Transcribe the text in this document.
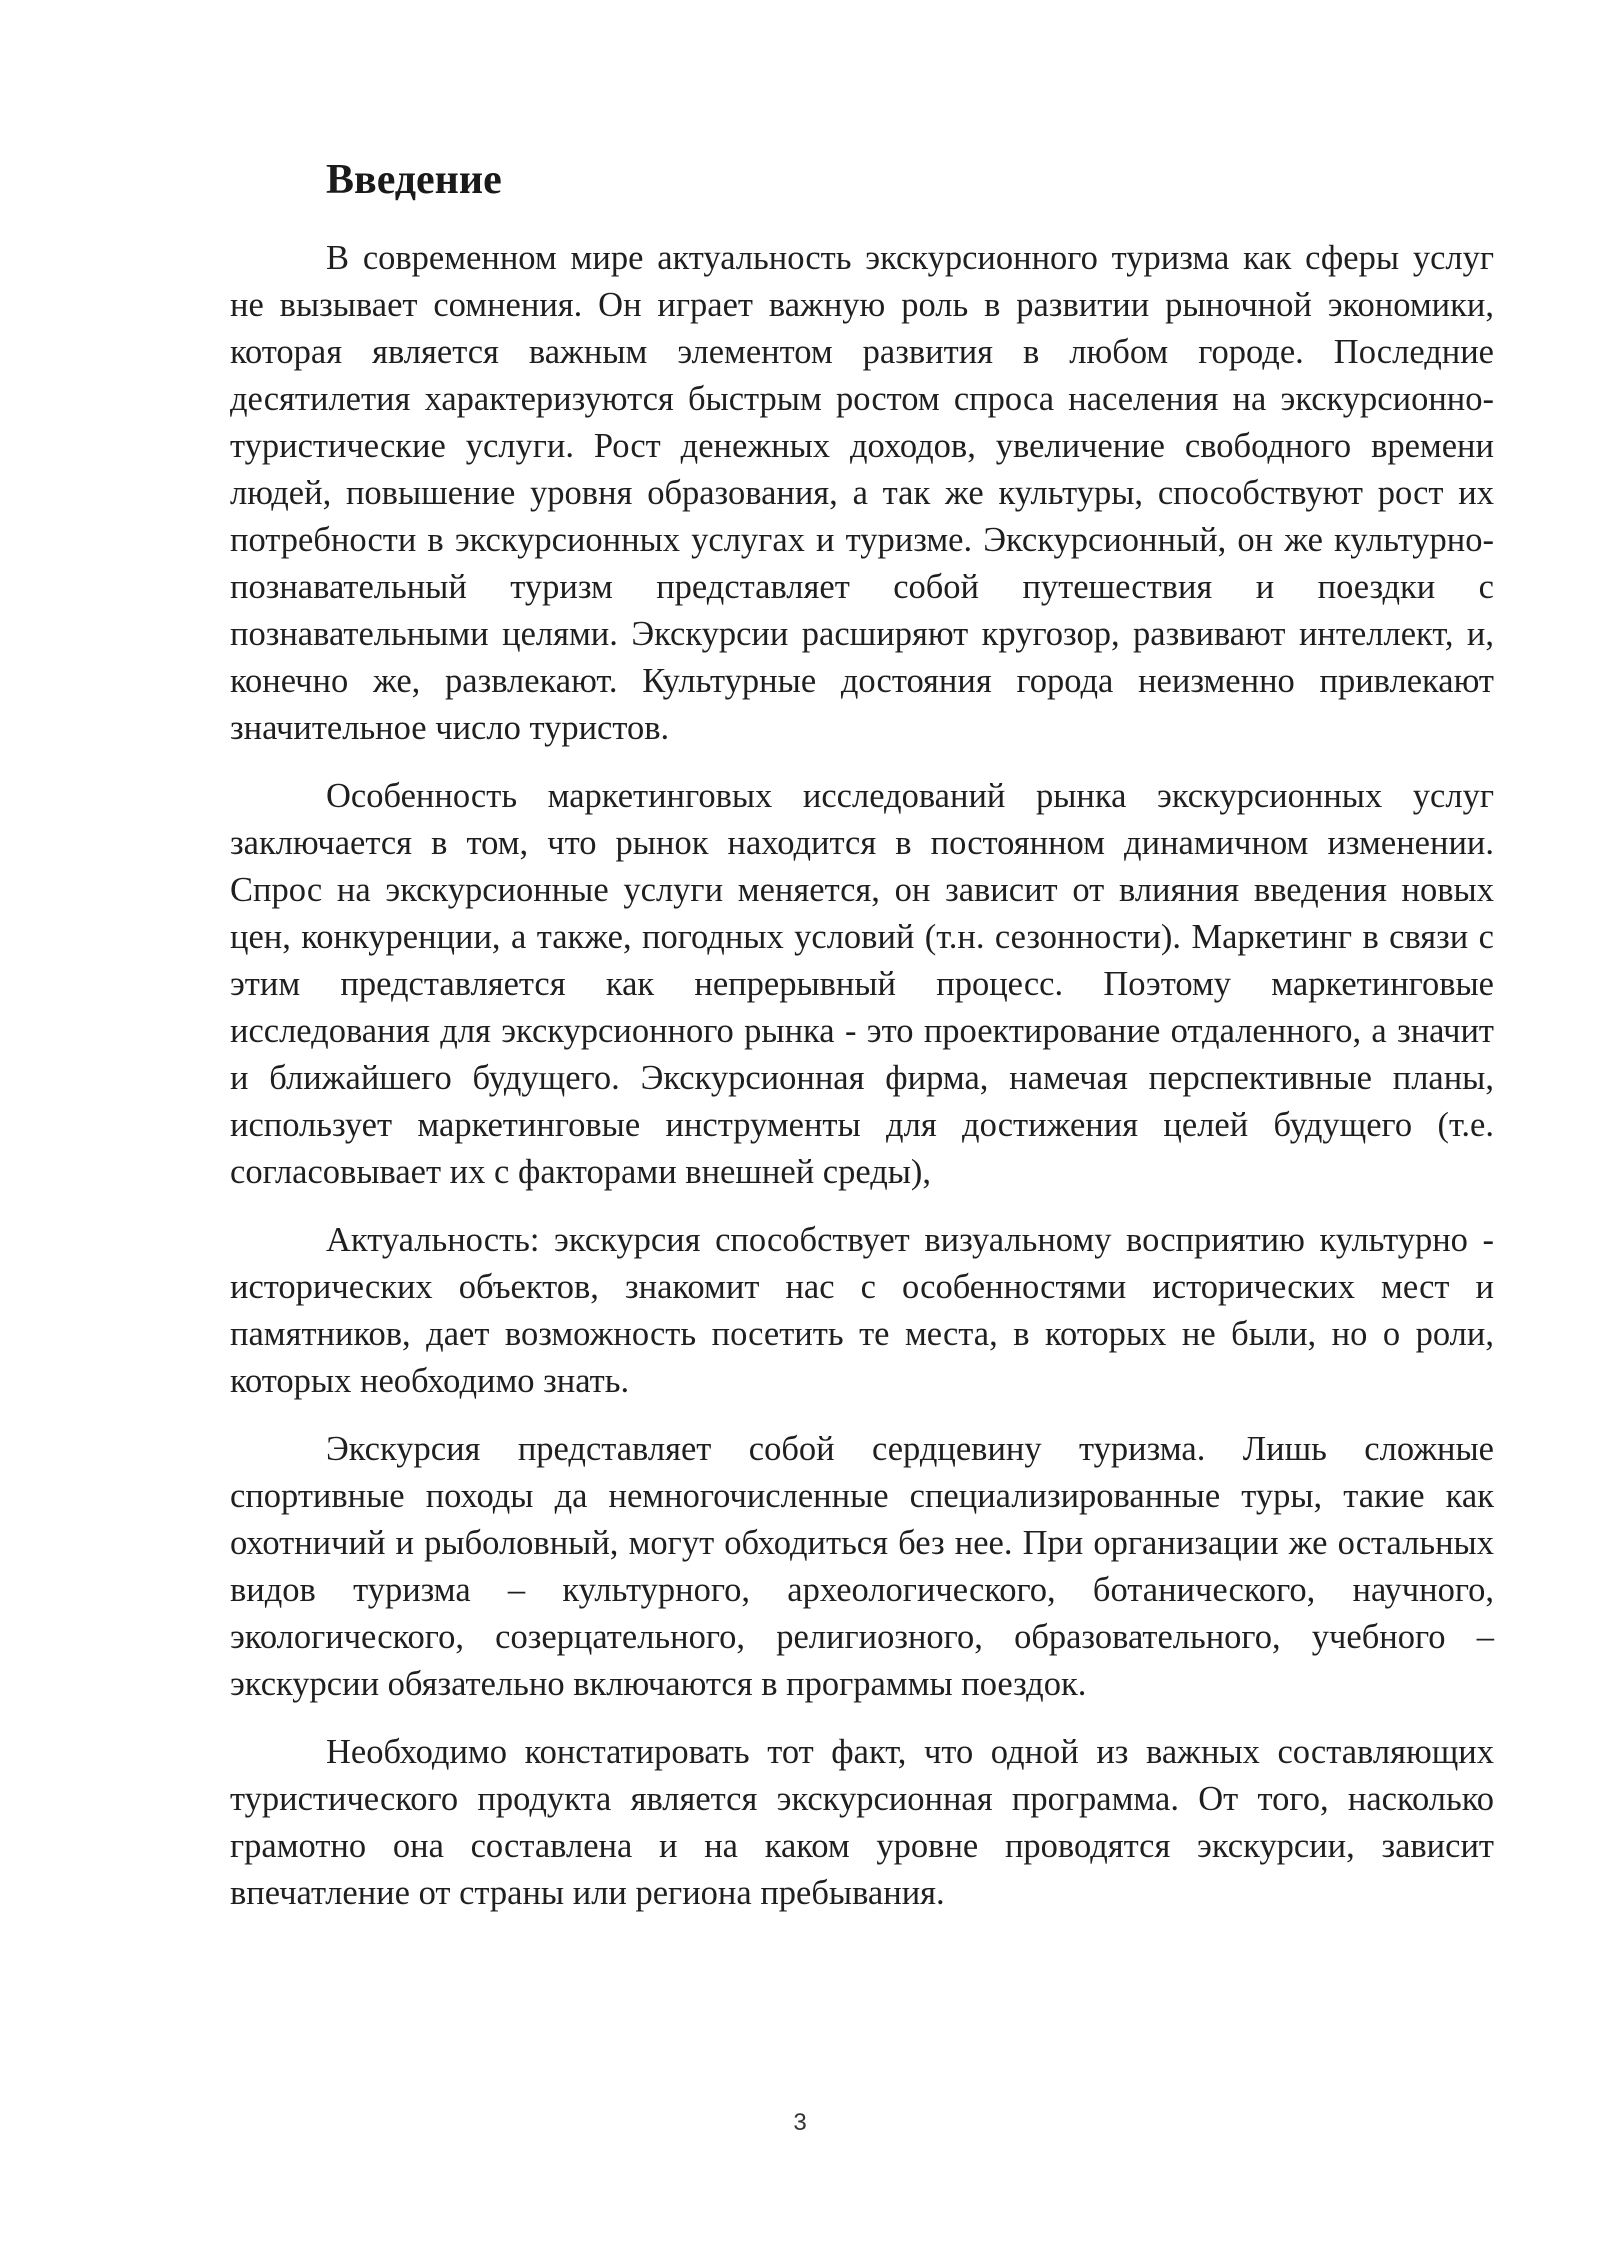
Введение

В современном мире актуальность экскурсионного туризма как сферы услуг не вызывает сомнения. Он играет важную роль в развитии рыночной экономики, которая является важным элементом развития в любом городе. Последние десятилетия характеризуются быстрым ростом спроса населения на экскурсионно-туристические услуги. Рост денежных доходов, увеличение свободного времени людей, повышение уровня образования, а так же культуры, способствуют рост их потребности в экскурсионных услугах и туризме. Экскурсионный, он же культурно-познавательный туризм представляет собой путешествия и поездки с познавательными целями. Экскурсии расширяют кругозор, развивают интеллект, и, конечно же, развлекают. Культурные достояния города неизменно привлекают значительное число туристов.

Особенность маркетинговых исследований рынка экскурсионных услуг заключается в том, что рынок находится в постоянном динамичном изменении. Спрос на экскурсионные услуги меняется, он зависит от влияния введения новых цен, конкуренции, а также, погодных условий (т.н. сезонности). Маркетинг в связи с этим представляется как непрерывный процесс. Поэтому маркетинговые исследования для экскурсионного рынка - это проектирование отдаленного, а значит и ближайшего будущего. Экскурсионная фирма, намечая перспективные планы, использует маркетинговые инструменты для достижения целей будущего (т.е. согласовывает их с факторами внешней среды),

Актуальность: экскурсия способствует визуальному восприятию культурно - исторических объектов, знакомит нас с особенностями исторических мест и памятников, дает возможность посетить те места, в которых не были, но о роли, которых необходимо знать.

Экскурсия представляет собой сердцевину туризма. Лишь сложные спортивные походы да немногочисленные специализированные туры, такие как охотничий и рыболовный, могут обходиться без нее. При организации же остальных видов туризма – культурного, археологического, ботанического, научного, экологического, созерцательного, религиозного, образовательного, учебного – экскурсии обязательно включаются в программы поездок.

Необходимо констатировать тот факт, что одной из важных составляющих туристического продукта является экскурсионная программа. От того, насколько грамотно она составлена и на каком уровне проводятся экскурсии, зависит впечатление от страны или региона пребывания.

3
